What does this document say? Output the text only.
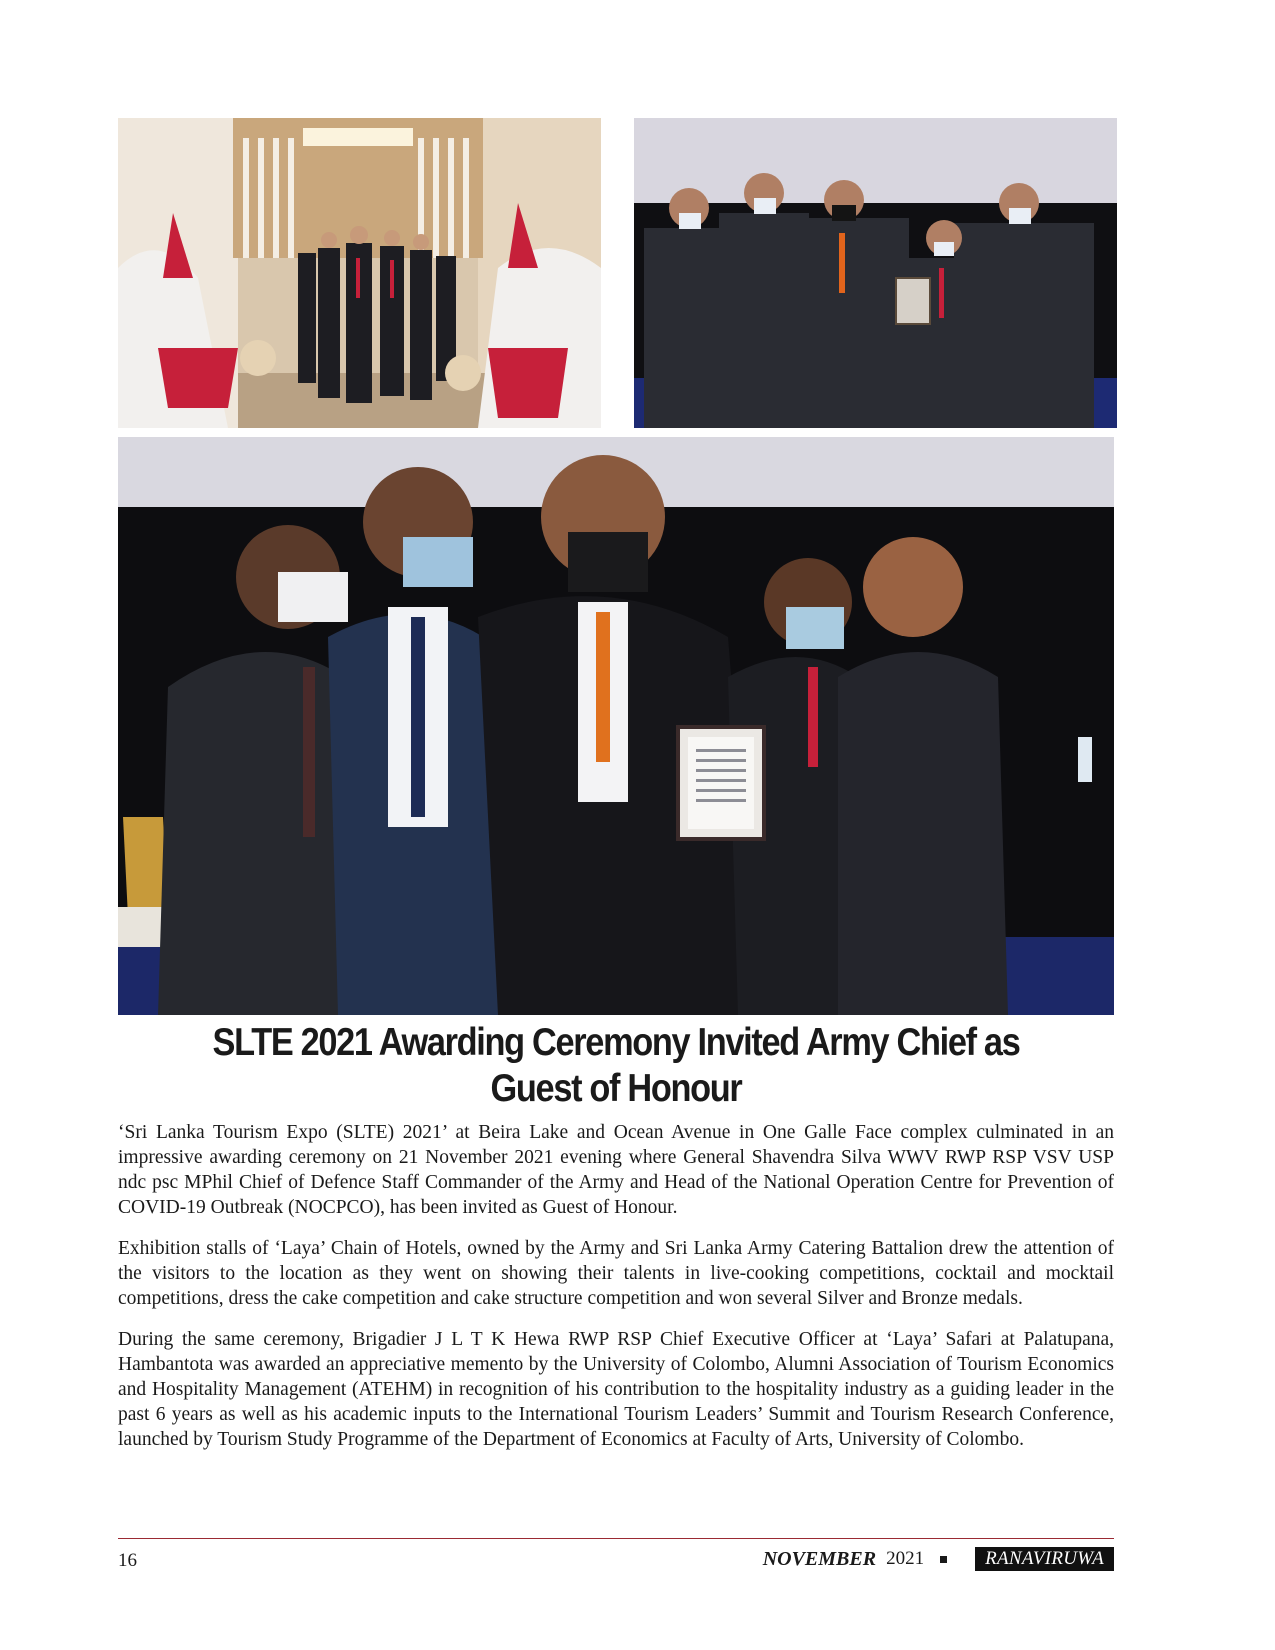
SLTE 2021 Awarding Ceremony Invited Army Chief as Guest of Honour

‘Sri Lanka Tourism Expo (SLTE) 2021’ at Beira Lake and Ocean Avenue in One Galle Face complex culminated in an impressive awarding ceremony on 21 November 2021 evening where General Shavendra Silva WWV RWP RSP VSV USP ndc psc MPhil Chief of Defence Staff Commander of the Army and Head of the National Operation Centre for Prevention of COVID-19 Outbreak (NOCPCO), has been invited as Guest of Honour.

Exhibition stalls of ‘Laya’ Chain of Hotels, owned by the Army and Sri Lanka Army Catering Battalion drew the attention of the visitors to the location as they went on showing their talents in live-cooking competitions, cocktail and mocktail competitions, dress the cake competition and cake structure competition and won several Silver and Bronze medals.

During the same ceremony, Brigadier J L T K Hewa RWP RSP Chief Executive Officer at ‘Laya’ Safari at Palatupana, Hambantota was awarded an appreciative memento by the University of Colombo, Alumni Association of Tourism Economics and Hospitality Management (ATEHM) in recognition of his contribution to the hospitality industry as a guiding leader in the past 6 years as well as his academic inputs to the International Tourism Leaders’ Summit and Tourism Research Conference, launched by Tourism Study Programme of the Department of Economics at Faculty of Arts, University of Colombo.

16	NOVEMBER 2021	RANAVIRUWA
